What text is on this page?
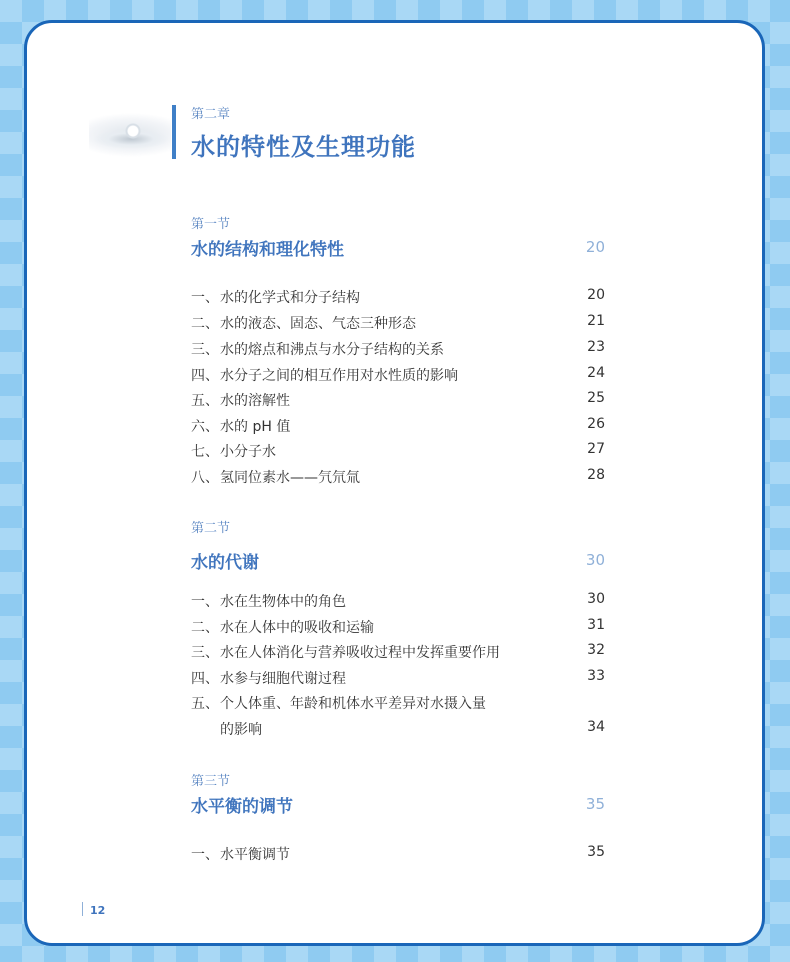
第二章
水的特性及生理功能
第一节
水的结构和理化特性	20
一、 水的化学式和分子结构	20
二、 水的液态、固态、气态三种形态	21
三、 水的熔点和沸点与水分子结构的关系	23
四、 水分子之间的相互作用对水性质的影响	24
五、 水的溶解性	25
六、 水的 pH 值	26
七、 小分子水	27
八、 氢同位素水——氕氘氚	28
第二节
水的代谢	30
一、 水在生物体中的角色	30
二、 水在人体中的吸收和运输	31
三、 水在人体消化与营养吸收过程中发挥重要作用	32
四、 水参与细胞代谢过程	33
五、 个人体重、年龄和机体水平差异对水摄入量
的影响	34
第三节
水平衡的调节	35
一、 水平衡调节	35
12
